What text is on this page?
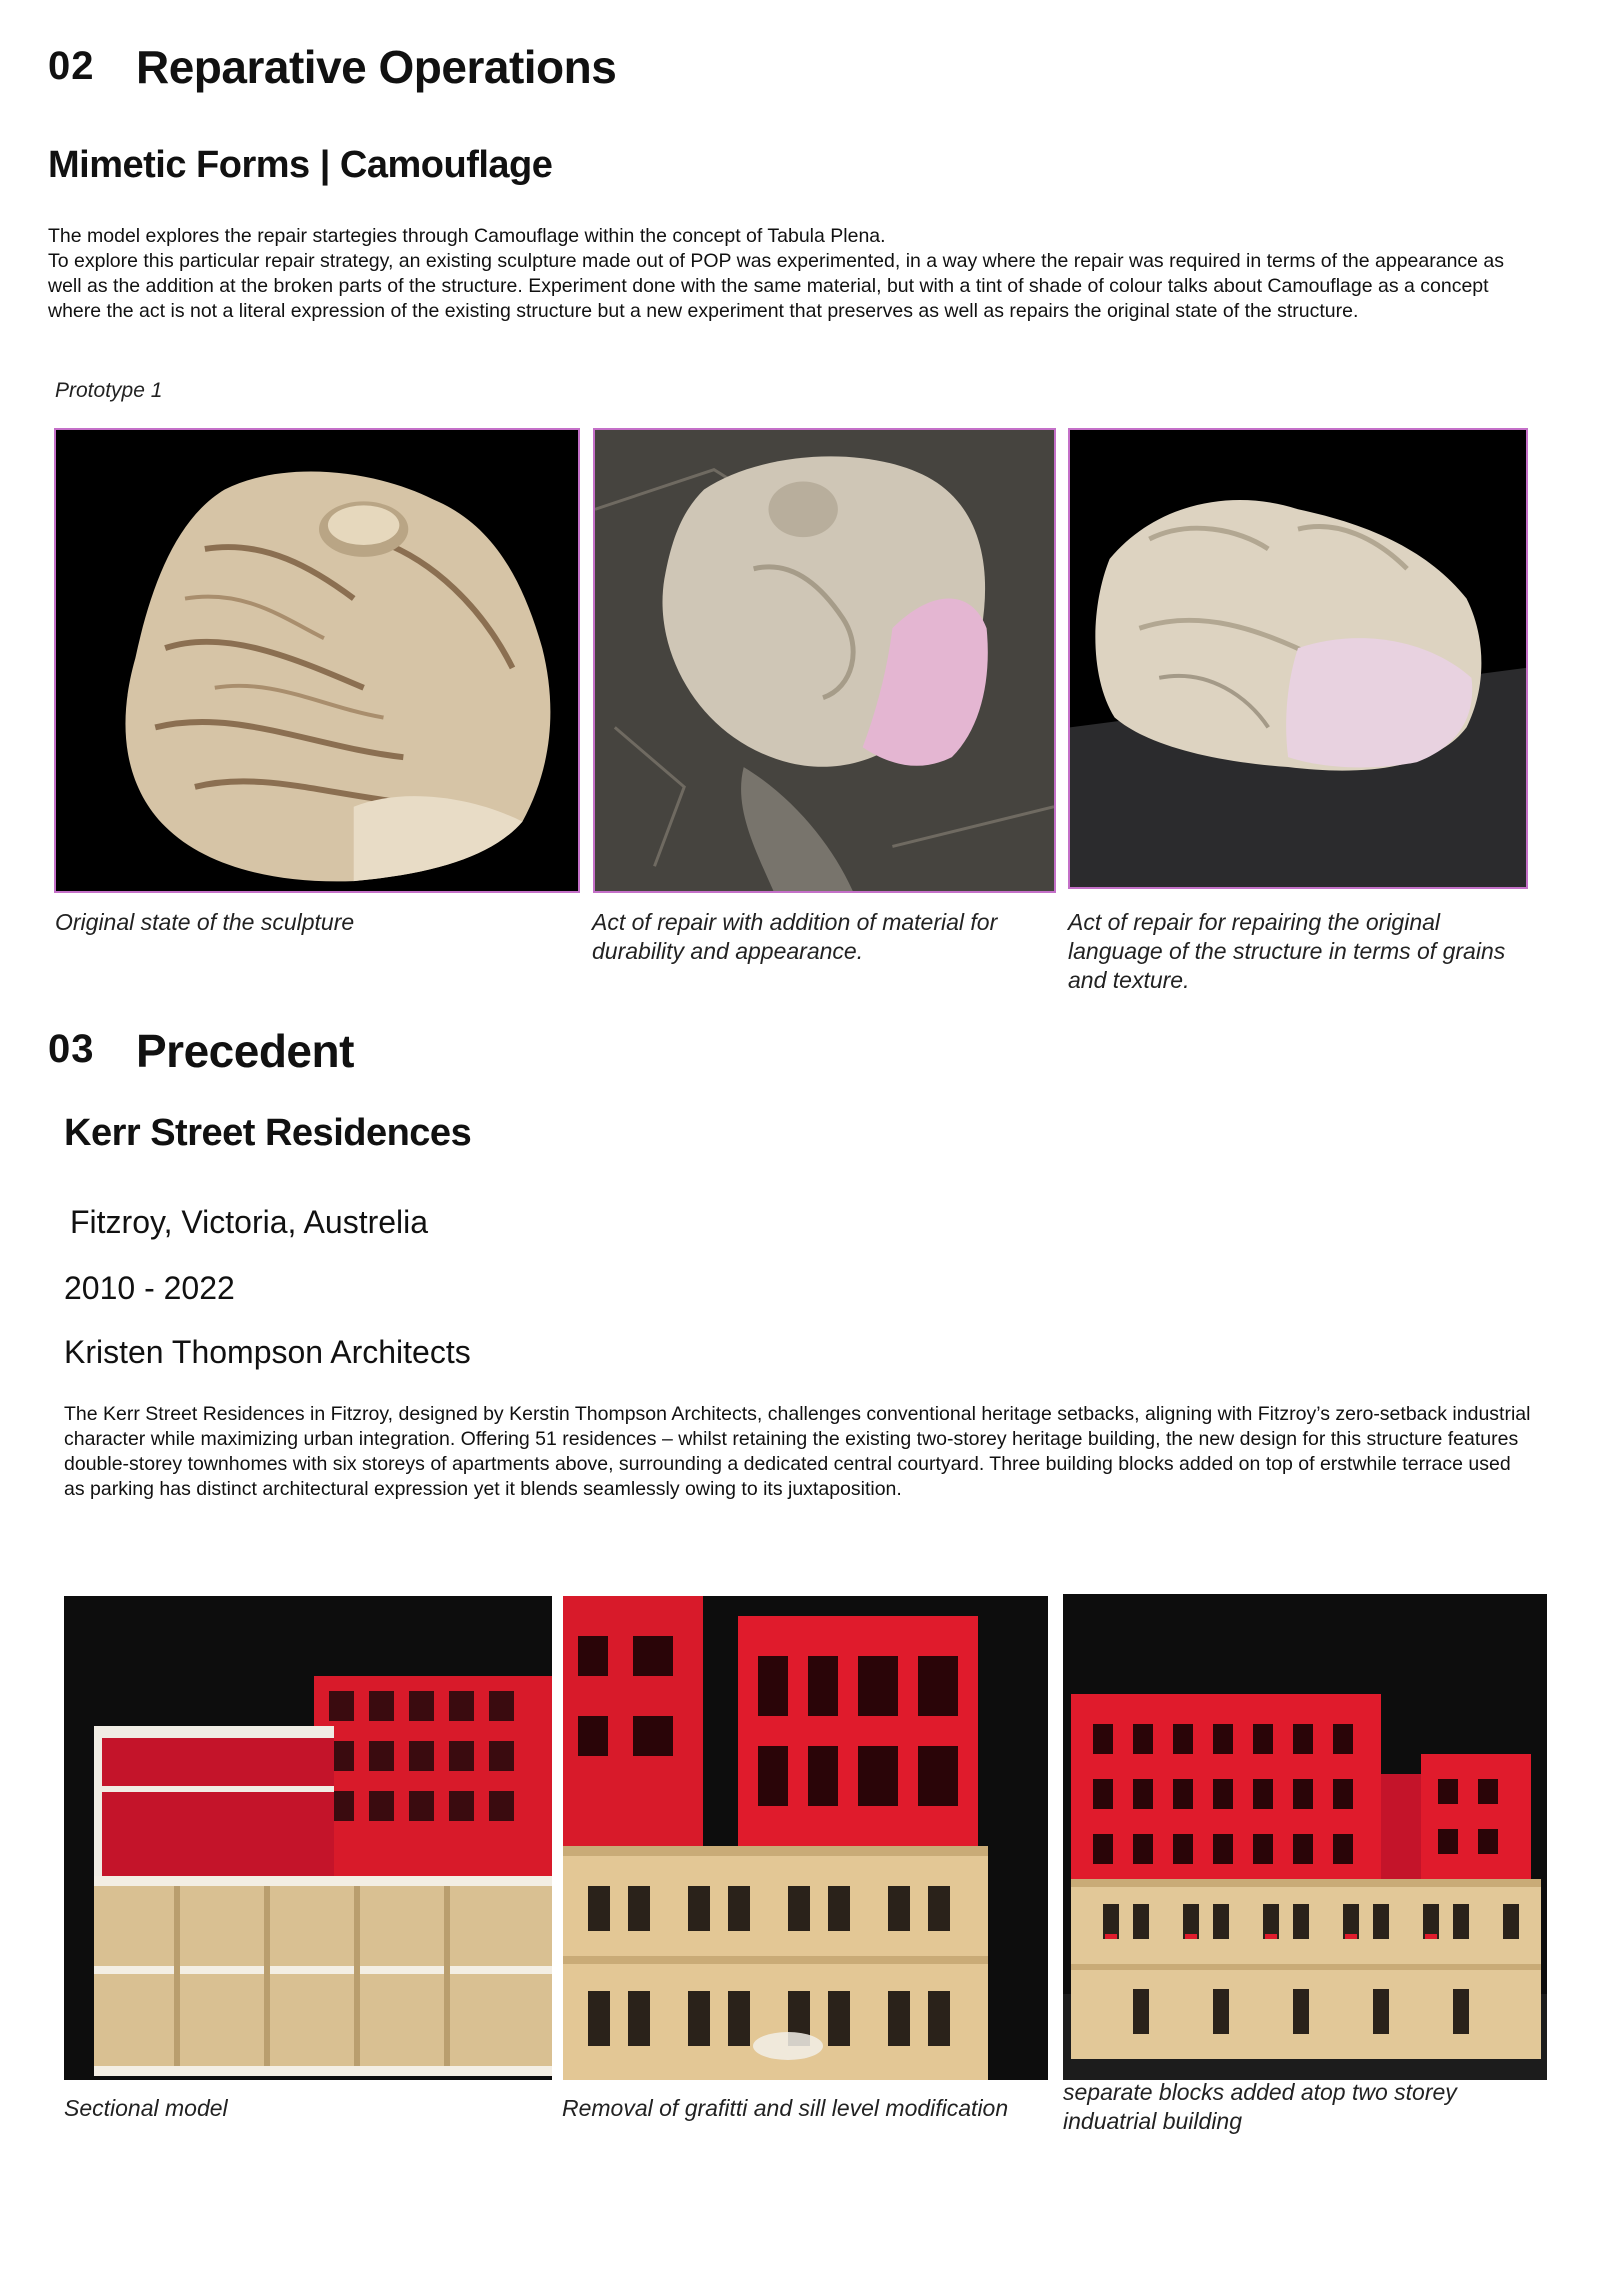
02 Reparative Operations
Mimetic Forms | Camouflage

The model explores the repair startegies through Camouflage within the concept of Tabula Plena.

To explore this particular repair strategy, an existing sculpture made out of POP was experimented, in a way where the repair was required in terms of the appearance as well as the addition at the broken parts of the structure. Experiment done with the same material, but with a tint of shade of colour talks about Camouflage as a concept where the act is not a literal expression of the existing structure but a new experiment that preserves as well as repairs the original state of the structure.

Prototype 1
Original state of the sculpture	Act of repair with addition of material for durability and appearance.
Act of repair for repairing the original language of the structure in terms of grains and texture.
03 Precedent
Kerr Street Residences
Fitzroy, Victoria, Austrelia
2010 - 2022
Kristen Thompson Architects
The Kerr Street Residences in Fitzroy, designed by Kerstin Thompson Architects, challenges conventional heritage setbacks, aligning with Fitzroy’s zero-setback industrial character while maximizing urban integration. Offering 51 residences – whilst retaining the existing two-storey heritage building, the new design for this structure features double-storey townhomes with six storeys of apartments above, surrounding a dedicated central courtyard. Three building blocks added on top of erstwhile terrace used as parking has distinct architectural expression yet it blends seamlessly owing to its juxtaposition.
Sectional model	Removal of grafitti and sill level modification
separate blocks added atop two storey induatrial building
